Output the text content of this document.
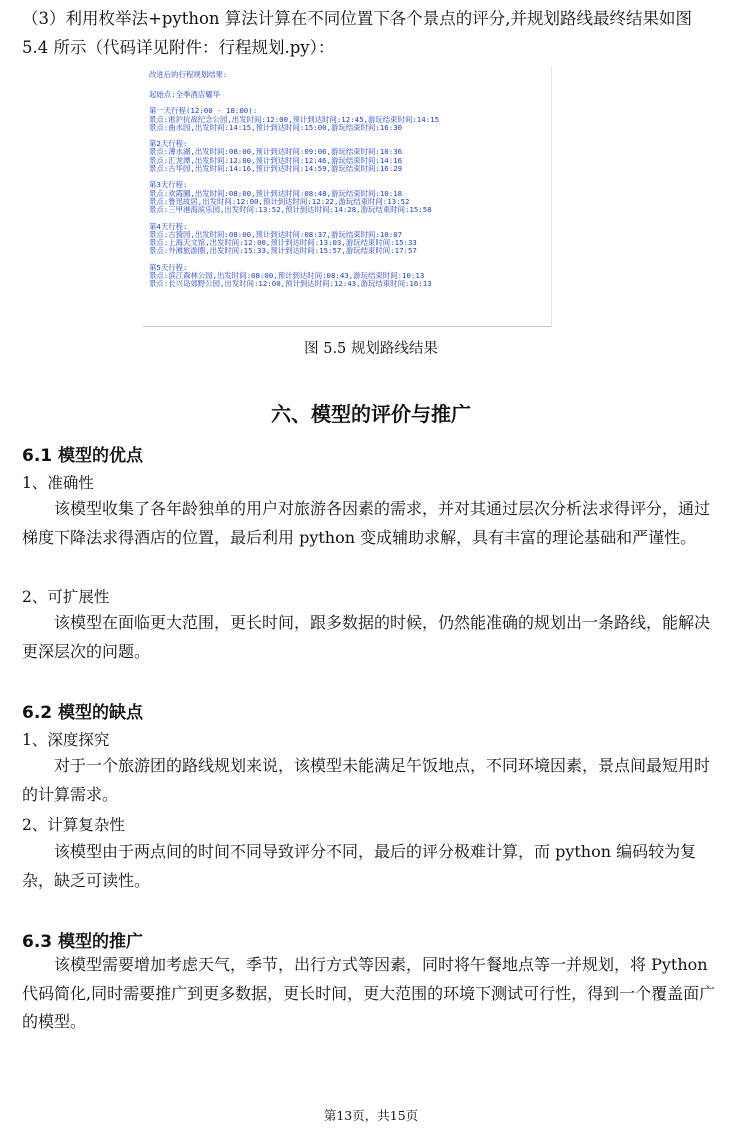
（3）利用枚举法+python 算法计算在不同位置下各个景点的评分,并规划路线最终结果如图 5.4 所示（代码详见附件：行程规划.py）：
改进后的行程规划结果:
起始点:全季酒店耀华
第一天行程(12:00 - 18:00):
景点:淞沪抗战纪念公园,出发时间:12:00,预计到达时间:12:45,游玩结束时间:14:15
景点:曲水园,出发时间:14:15,预计到达时间:15:00,游玩结束时间:16:30
第2天行程:
景点:薄水湖,出发时间:08:00,预计到达时间:09:06,游玩结束时间:10:36
景点:汇龙潭,出发时间:12:00,预计到达时间:12:46,游玩结束时间:14:16
景点:古华园,出发时间:14:16,预计到达时间:14:59,游玩结束时间:16:29
第3天行程:
景点:欢霞圃,出发时间:08:00,预计到达时间:08:48,游玩结束时间:10:18
景点:鲁迅故居,出发时间:12:00,预计到达时间:12:22,游玩结束时间:13:52
景点:三甲港海滨乐园,出发时间:13:52,预计到达时间:14:28,游玩结束时间:15:58
第4天行程:
景点:古猗园,出发时间:08:00,预计到达时间:08:37,游玩结束时间:10:07
景点:上海天文馆,出发时间:12:00,预计到达时间:13:03,游玩结束时间:15:33
景点:外滩旅游圈,出发时间:15:33,预计到达时间:15:57,游玩结束时间:17:57
第5天行程:
景点:滨江森林公园,出发时间:08:00,预计到达时间:08:43,游玩结束时间:10:13
景点:长兴岛郊野公园,出发时间:12:00,预计到达时间:12:43,游玩结束时间:16:13
图 5.5 规划路线结果
六、模型的评价与推广
6.1 模型的优点
1、准确性
该模型收集了各年龄独单的用户对旅游各因素的需求，并对其通过层次分析法求得评分，通过梯度下降法求得酒店的位置，最后利用 python 变成辅助求解，具有丰富的理论基础和严谨性。
2、可扩展性
该模型在面临更大范围，更长时间，跟多数据的时候，仍然能准确的规划出一条路线，能解决更深层次的问题。
6.2 模型的缺点
1、深度探究
对于一个旅游团的路线规划来说，该模型未能满足午饭地点，不同环境因素，景点间最短用时的计算需求。
2、计算复杂性
该模型由于两点间的时间不同导致评分不同，最后的评分极难计算，而 python 编码较为复杂，缺乏可读性。
6.3 模型的推广
该模型需要增加考虑天气，季节，出行方式等因素，同时将午餐地点等一并规划，将 Python 代码简化,同时需要推广到更多数据，更长时间，更大范围的环境下测试可行性，得到一个覆盖面广的模型。
第13页，共15页
